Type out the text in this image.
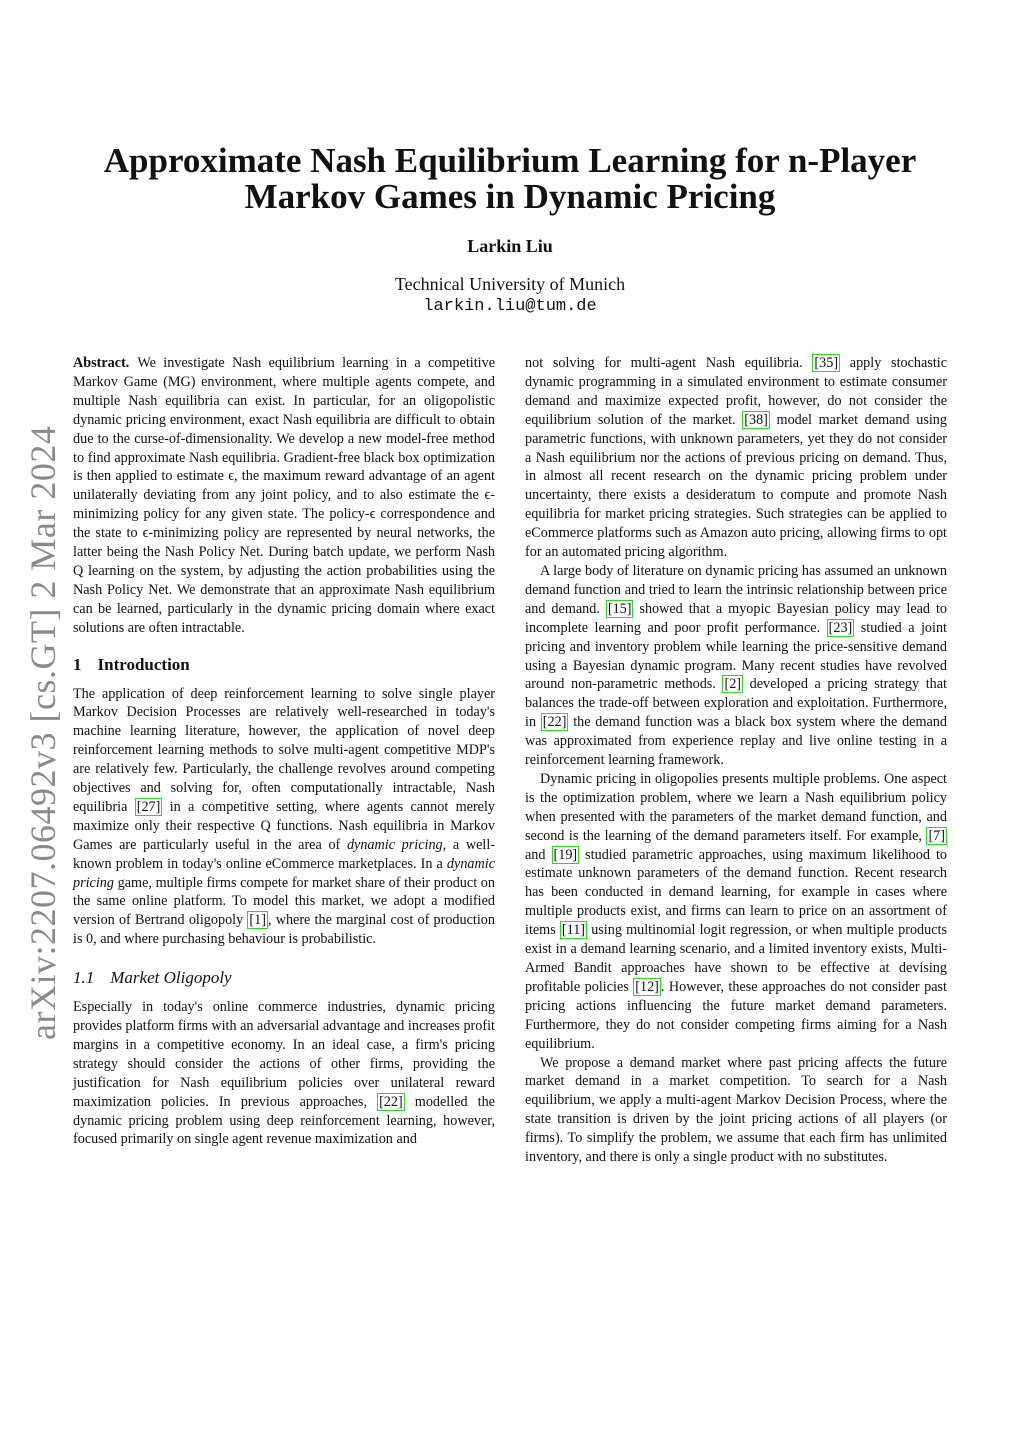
arXiv:2207.06492v3 [cs.GT] 2 Mar 2024
Approximate Nash Equilibrium Learning for n-Player
Markov Games in Dynamic Pricing
Larkin Liu
Technical University of Munich
larkin.liu@tum.de

Abstract. We investigate Nash equilibrium learning in a competitive Markov Game (MG) environment, where multiple agents compete, and multiple Nash equilibria can exist. In particular, for an oligopolistic dynamic pricing environment, exact Nash equilibria are difficult to obtain due to the curse-of-dimensionality. We develop a new model-free method to find approximate Nash equilibria. Gradient-free black box optimization is then applied to estimate ϵ, the maximum reward advantage of an agent unilaterally deviating from any joint policy, and to also estimate the ϵ-minimizing policy for any given state. The policy-ϵ correspondence and the state to ϵ-minimizing policy are represented by neural networks, the latter being the Nash Policy Net. During batch update, we perform Nash Q learning on the system, by adjusting the action probabilities using the Nash Policy Net. We demonstrate that an approximate Nash equilibrium can be learned, particularly in the dynamic pricing domain where exact solutions are often intractable.

1 Introduction

The application of deep reinforcement learning to solve single player Markov Decision Processes are relatively well-researched in today's machine learning literature, however, the application of novel deep reinforcement learning methods to solve multi-agent competitive MDP's are relatively few. Particularly, the challenge revolves around competing objectives and solving for, often computationally intractable, Nash equilibria [27] in a competitive setting, where agents cannot merely maximize only their respective Q functions. Nash equilibria in Markov Games are particularly useful in the area of dynamic pricing, a well-known problem in today's online eCommerce marketplaces. In a dynamic pricing game, multiple firms compete for market share of their product on the same online platform. To model this market, we adopt a modified version of Bertrand oligopoly [1] , where the marginal cost of production is 0, and where purchasing behaviour is probabilistic.

1.1 Market Oligopoly

Especially in today's online commerce industries, dynamic pricing provides platform firms with an adversarial advantage and increases profit margins in a competitive economy. In an ideal case, a firm's pricing strategy should consider the actions of other firms, providing the justification for Nash equilibrium policies over unilateral reward maximization policies. In previous approaches, [22] modelled the dynamic pricing problem using deep reinforcement learning, however, focused primarily on single agent revenue maximization and

not solving for multi-agent Nash equilibria. [35] apply stochastic dynamic programming in a simulated environment to estimate consumer demand and maximize expected profit, however, do not consider the equilibrium solution of the market. [38] model market demand using parametric functions, with unknown parameters, yet they do not consider a Nash equilibrium nor the actions of previous pricing on demand. Thus, in almost all recent research on the dynamic pricing problem under uncertainty, there exists a desideratum to compute and promote Nash equilibria for market pricing strategies. Such strategies can be applied to eCommerce platforms such as Amazon auto pricing, allowing firms to opt for an automated pricing algorithm.

A large body of literature on dynamic pricing has assumed an unknown demand function and tried to learn the intrinsic relationship between price and demand. [15] showed that a myopic Bayesian policy may lead to incomplete learning and poor profit performance. [23] studied a joint pricing and inventory problem while learning the price-sensitive demand using a Bayesian dynamic program. Many recent studies have revolved around non-parametric methods. [2] developed a pricing strategy that balances the trade-off between exploration and exploitation. Furthermore, in [22] the demand function was a black box system where the demand was approximated from experience replay and live online testing in a reinforcement learning framework.

Dynamic pricing in oligopolies presents multiple problems. One aspect is the optimization problem, where we learn a Nash equilibrium policy when presented with the parameters of the market demand function, and second is the learning of the demand parameters itself. For example, [7] and [19] studied parametric approaches, using maximum likelihood to estimate unknown parameters of the demand function. Recent research has been conducted in demand learning, for example in cases where multiple products exist, and firms can learn to price on an assortment of items [11] using multinomial logit regression, or when multiple products exist in a demand learning scenario, and a limited inventory exists, Multi-Armed Bandit approaches have shown to be effective at devising profitable policies [12] . However, these approaches do not consider past pricing actions influencing the future market demand parameters. Furthermore, they do not consider competing firms aiming for a Nash equilibrium.

We propose a demand market where past pricing affects the future market demand in a market competition. To search for a Nash equilibrium, we apply a multi-agent Markov Decision Process, where the state transition is driven by the joint pricing actions of all players (or firms). To simplify the problem, we assume that each firm has unlimited inventory, and there is only a single product with no substitutes.
